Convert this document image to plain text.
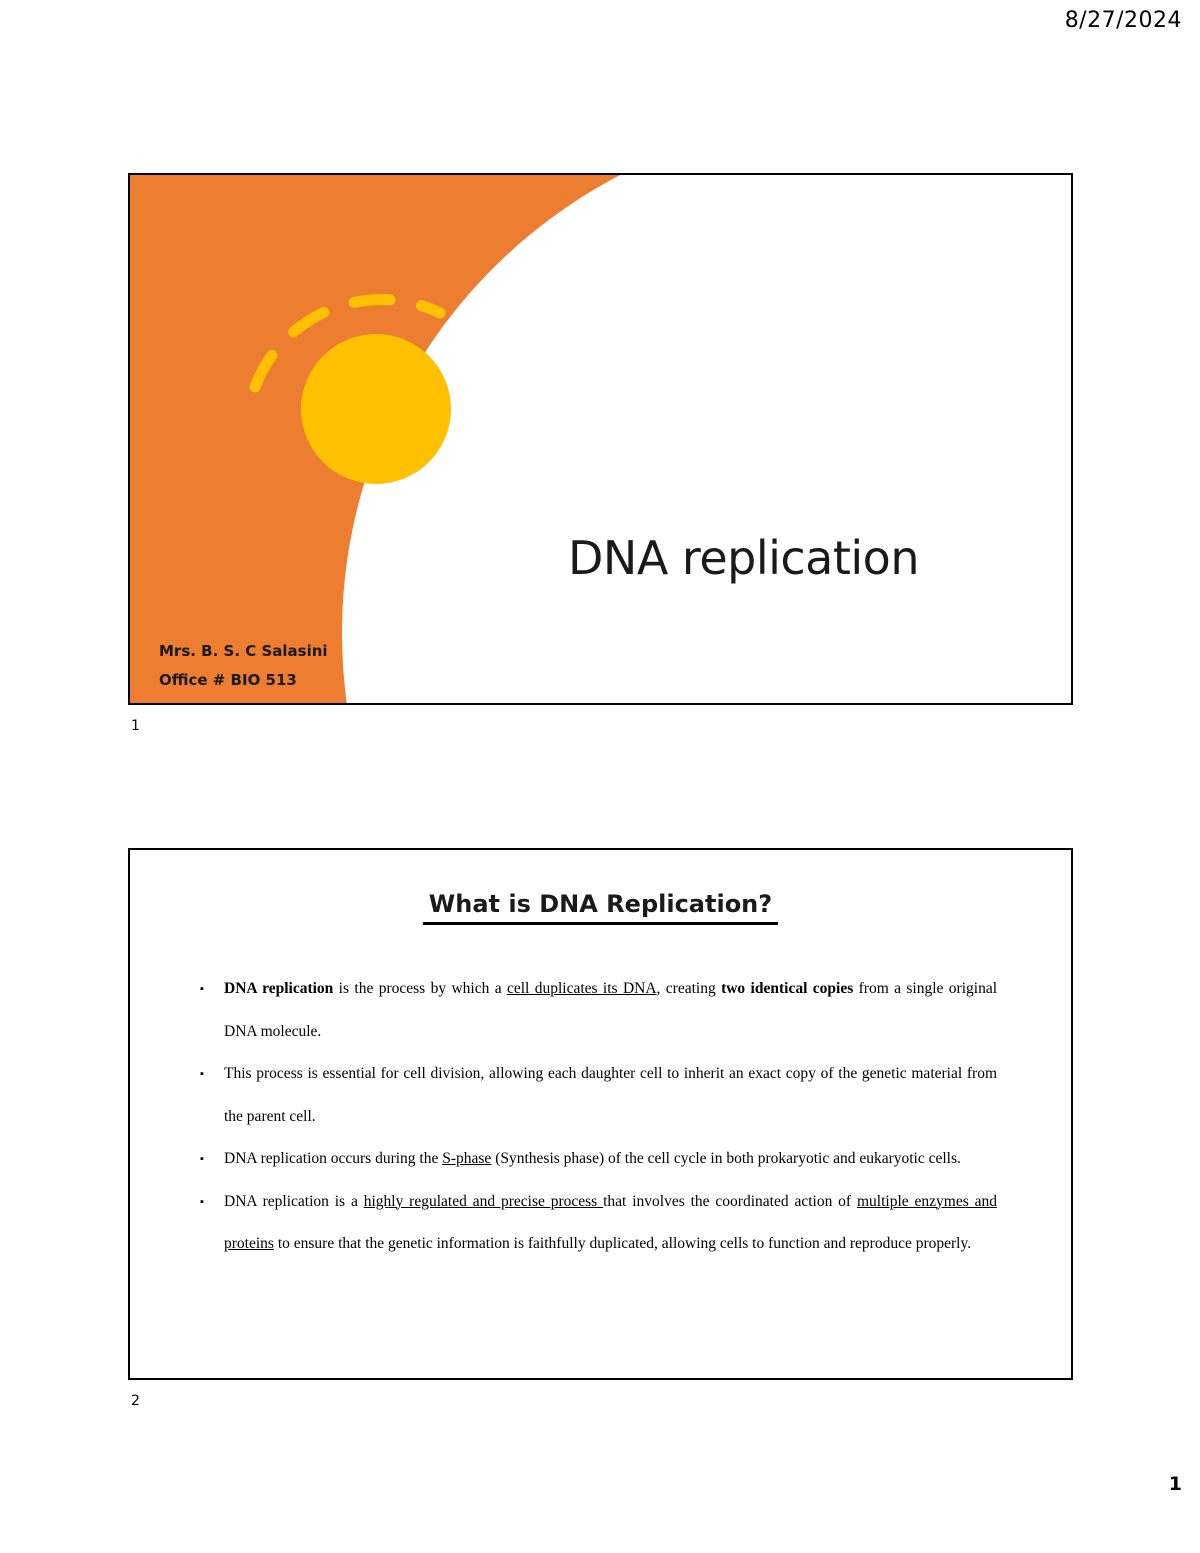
8/27/2024
DNA replication
Mrs. B. S. C Salasini
Office # BIO 513
1
What is DNA Replication?
▪ DNA replication is the process by which a cell duplicates its DNA, creating two identical copies from a single original DNA molecule.
▪ This process is essential for cell division, allowing each daughter cell to inherit an exact copy of the genetic material from the parent cell.
▪ DNA replication occurs during the S-phase (Synthesis phase) of the cell cycle in both prokaryotic and eukaryotic cells.
▪ DNA replication is a highly regulated and precise process that involves the coordinated action of multiple enzymes and proteins to ensure that the genetic information is faithfully duplicated, allowing cells to function and reproduce properly.
2
1
